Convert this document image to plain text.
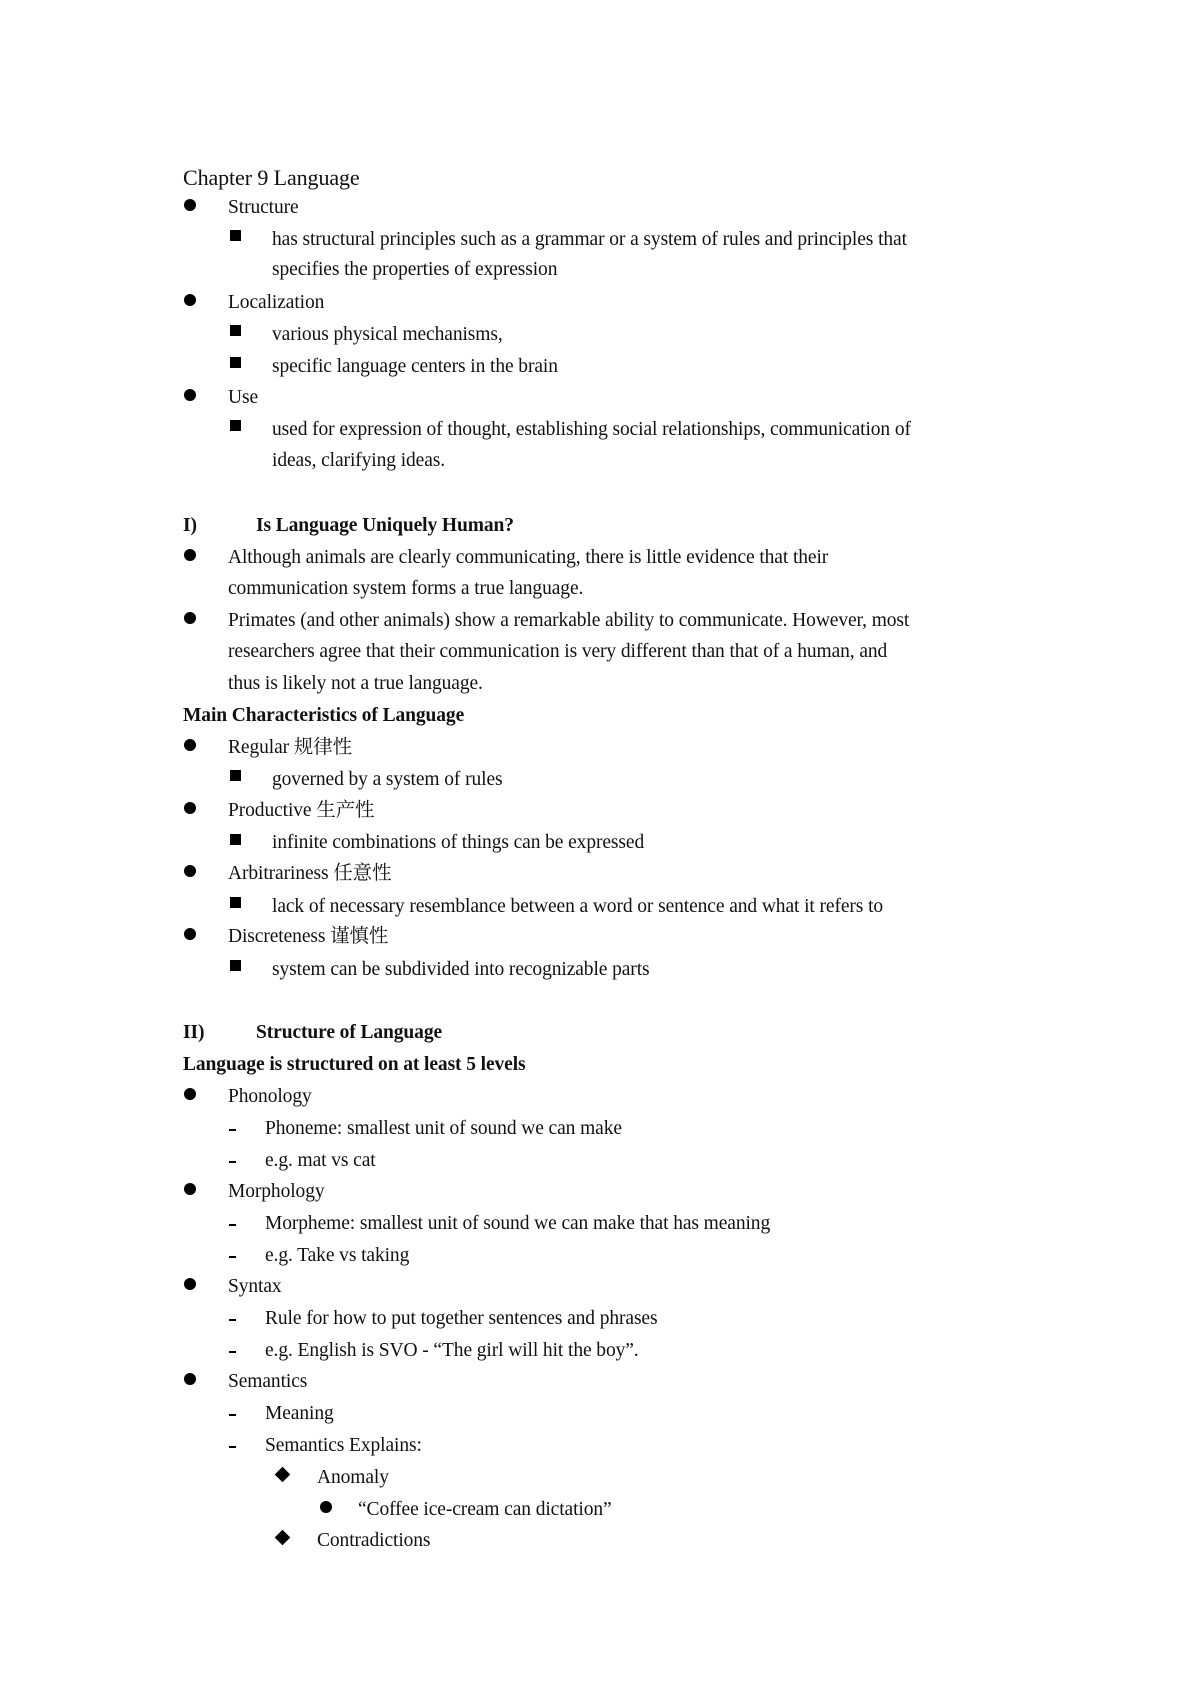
Chapter 9 Language
Structure
has structural principles such as a grammar or a system of rules and principles that
specifies the properties of expression
Localization
various physical mechanisms,
specific language centers in the brain
Use
used for expression of thought, establishing social relationships, communication of
ideas, clarifying ideas.
I)	Is Language Uniquely Human?
Although animals are clearly communicating, there is little evidence that their
communication system forms a true language.
Primates (and other animals) show a remarkable ability to communicate. However, most
researchers agree that their communication is very different than that of a human, and
thus is likely not a true language.
Main Characteristics of Language
Regular 规律性
governed by a system of rules
Productive 生产性
infinite combinations of things can be expressed
Arbitrariness 任意性
lack of necessary resemblance between a word or sentence and what it refers to
Discreteness 谨慎性
system can be subdivided into recognizable parts
II)	Structure of Language
Language is structured on at least 5 levels
Phonology
Phoneme: smallest unit of sound we can make
e.g. mat vs cat
Morphology
Morpheme: smallest unit of sound we can make that has meaning
e.g. Take vs taking
Syntax
Rule for how to put together sentences and phrases
e.g. English is SVO - “The girl will hit the boy”.
Semantics
Meaning
Semantics Explains:
Anomaly
“Coffee ice-cream can dictation”
Contradictions
